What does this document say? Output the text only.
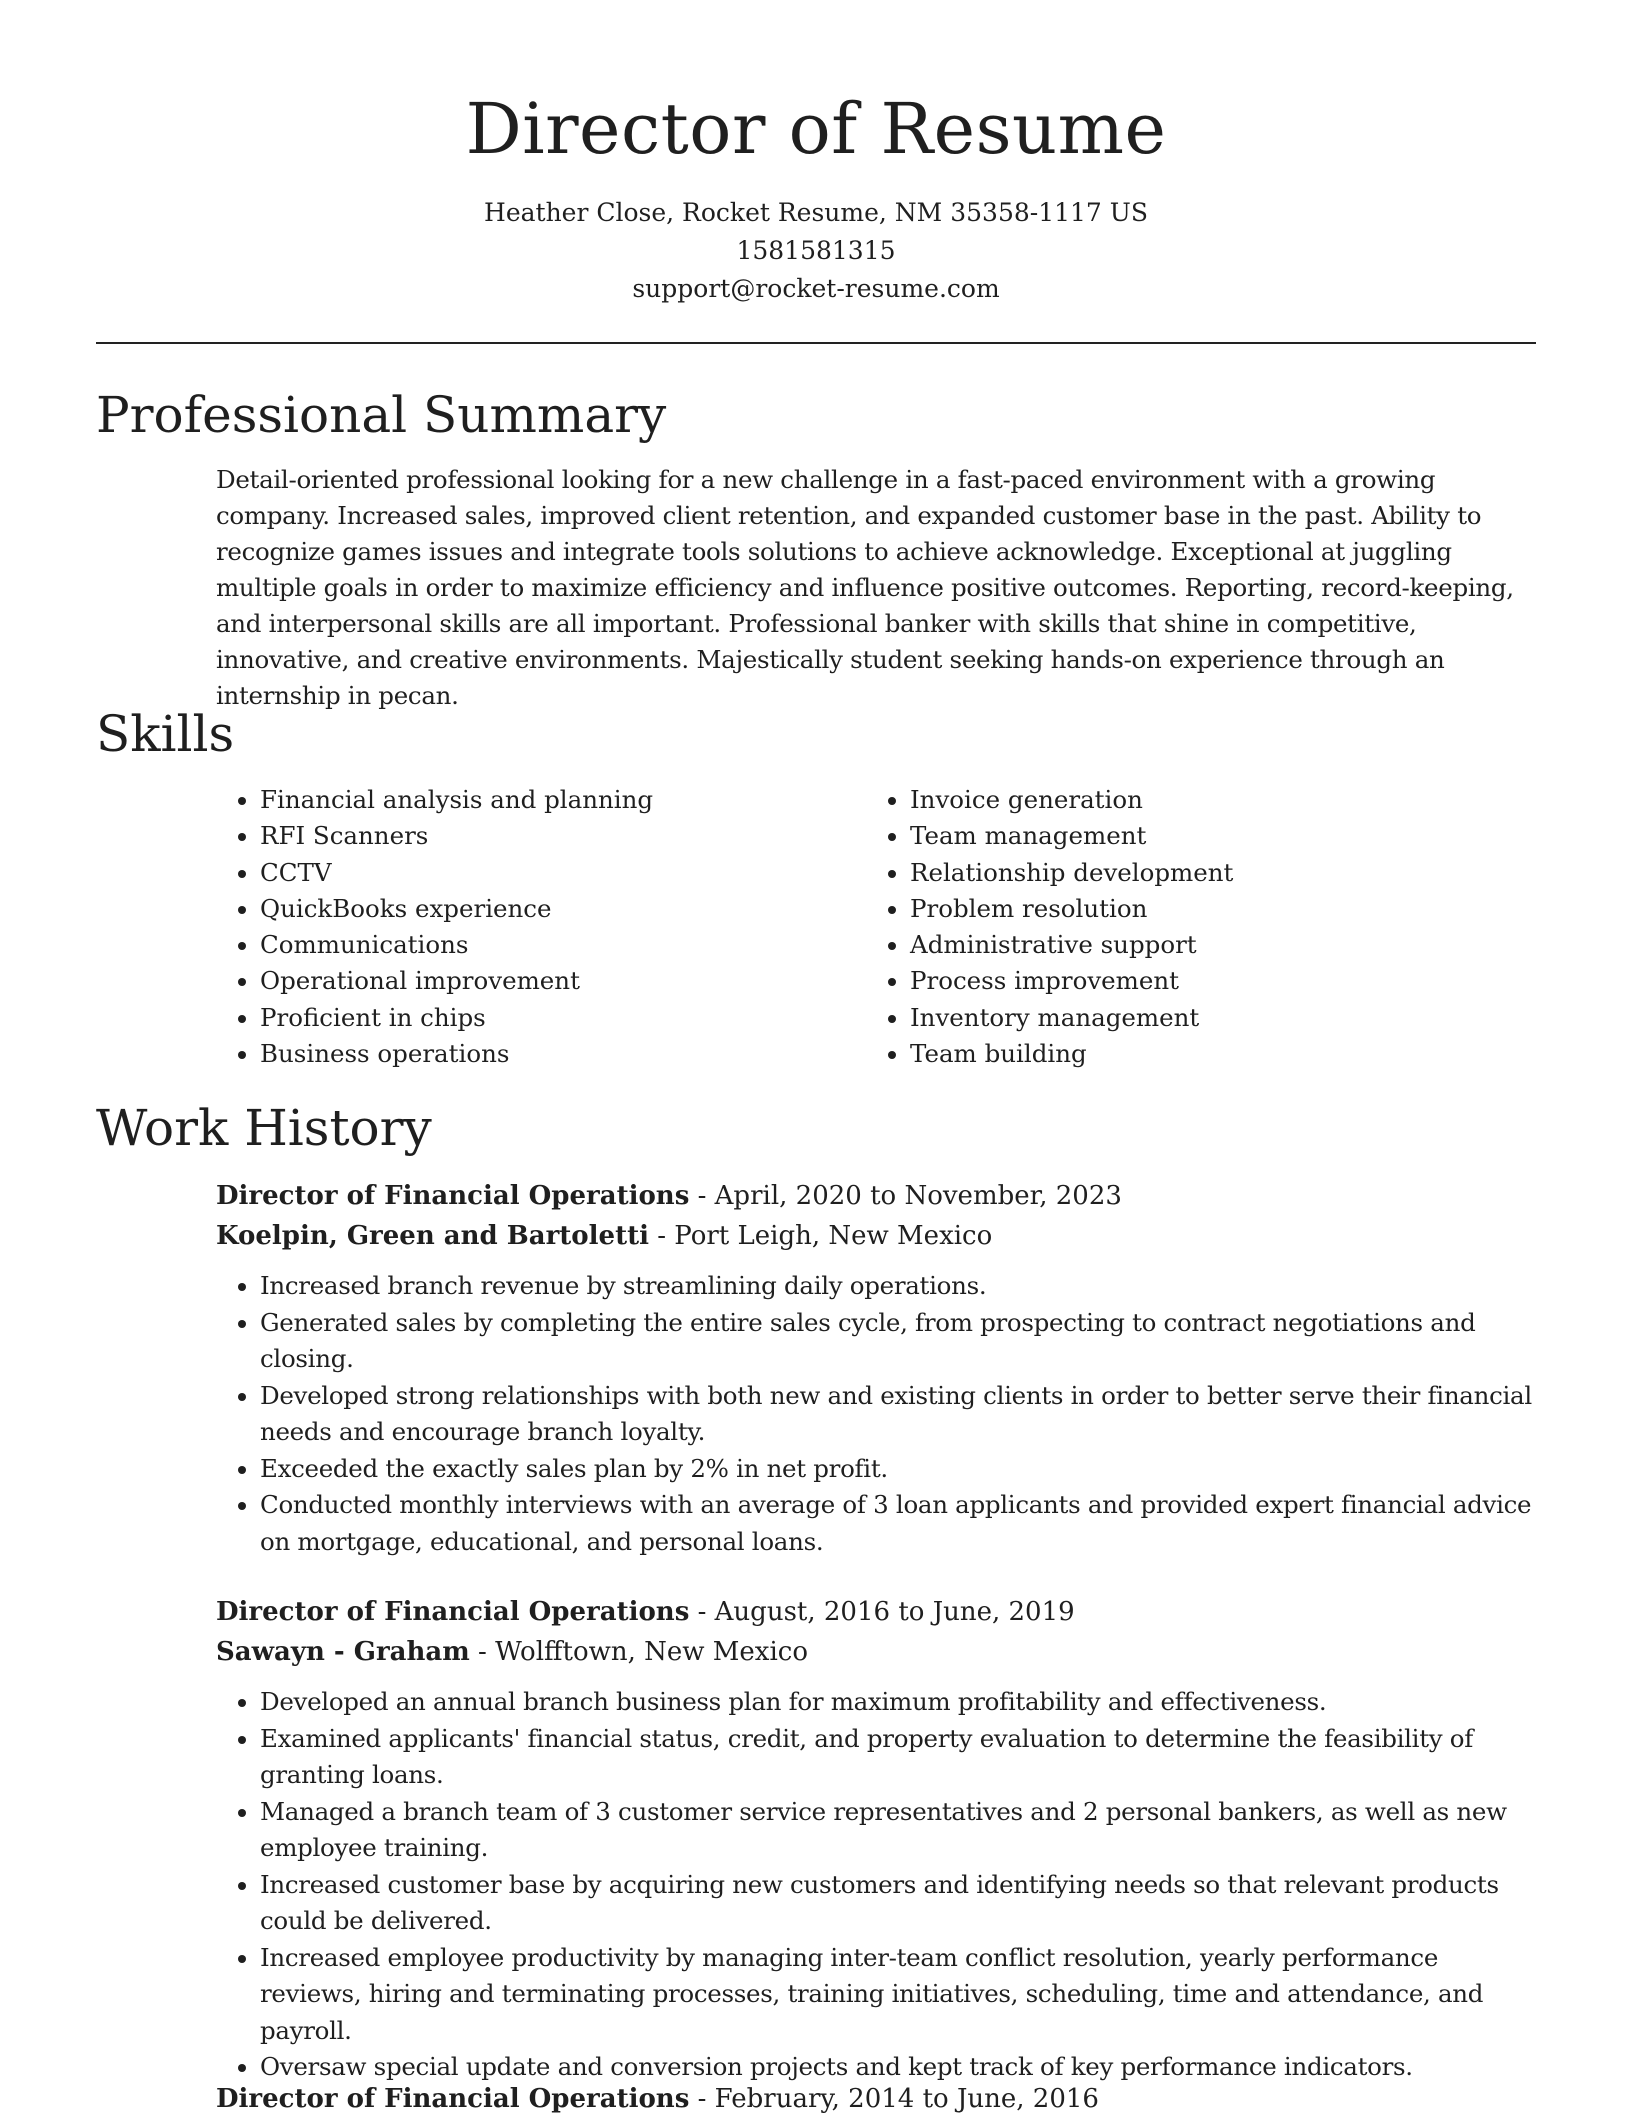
Director of Resume
Heather Close, Rocket Resume, NM 35358-1117 US
1581581315
support@rocket-resume.com
Professional Summary

Detail-oriented professional looking for a new challenge in a fast-paced environment with a growing company. Increased sales, improved client retention, and expanded customer base in the past. Ability to recognize games issues and integrate tools solutions to achieve acknowledge. Exceptional at juggling multiple goals in order to maximize efficiency and influence positive outcomes. Reporting, record-keeping, and interpersonal skills are all important. Professional banker with skills that shine in competitive, innovative, and creative environments. Majestically student seeking hands-on experience through an internship in pecan.

Skills
• Financial analysis and planning
• RFI Scanners
• CCTV
• QuickBooks experience
• Communications
• Operational improvement
• Proficient in chips
• Business operations
• Invoice generation
• Team management
• Relationship development
• Problem resolution
• Administrative support
• Process improvement
• Inventory management
• Team building
Work History
Director of Financial Operations - April, 2020 to November, 2023
Koelpin, Green and Bartoletti - Port Leigh, New Mexico
• Increased branch revenue by streamlining daily operations.
• Generated sales by completing the entire sales cycle, from prospecting to contract negotiations and closing.
• Developed strong relationships with both new and existing clients in order to better serve their financial needs and encourage branch loyalty.
• Exceeded the exactly sales plan by 2% in net profit.
• Conducted monthly interviews with an average of 3 loan applicants and provided expert financial advice on mortgage, educational, and personal loans.
Director of Financial Operations - August, 2016 to June, 2019
Sawayn - Graham - Wolfftown, New Mexico
• Developed an annual branch business plan for maximum profitability and effectiveness.
• Examined applicants' financial status, credit, and property evaluation to determine the feasibility of granting loans.
• Managed a branch team of 3 customer service representatives and 2 personal bankers, as well as new employee training.
• Increased customer base by acquiring new customers and identifying needs so that relevant products could be delivered.
• Increased employee productivity by managing inter-team conflict resolution, yearly performance reviews, hiring and terminating processes, training initiatives, scheduling, time and attendance, and payroll.
• Oversaw special update and conversion projects and kept track of key performance indicators.
Director of Financial Operations - February, 2014 to June, 2016
